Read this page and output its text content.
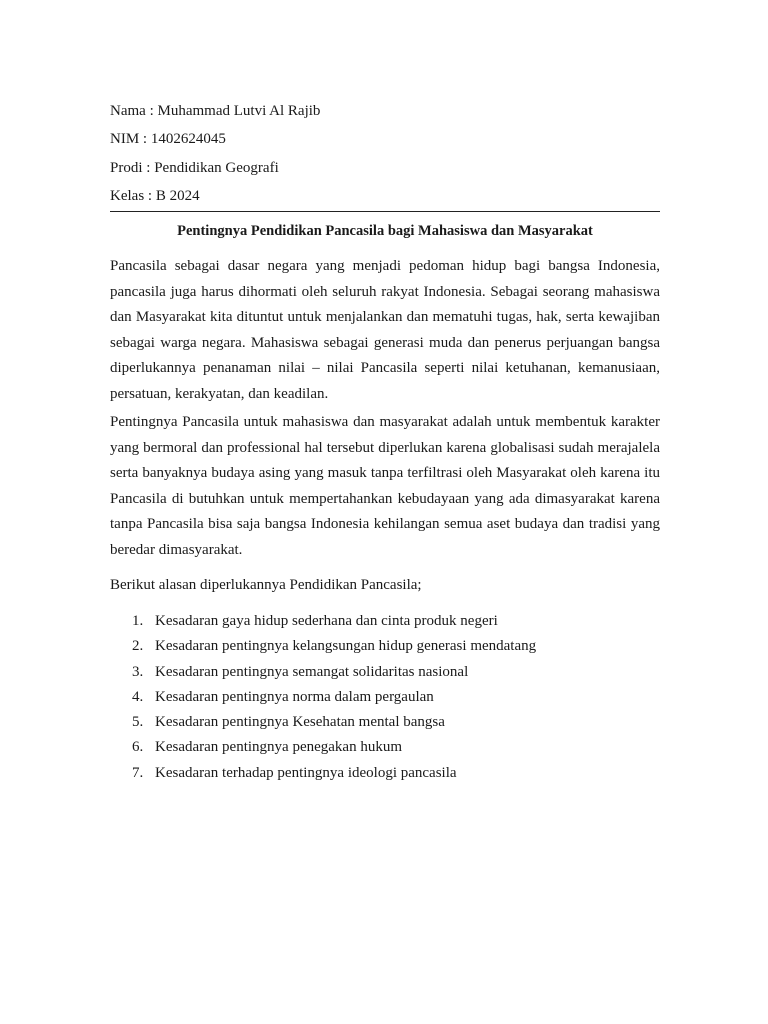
Nama : Muhammad Lutvi Al Rajib
NIM : 1402624045
Prodi : Pendidikan Geografi
Kelas : B 2024
Pentingnya Pendidikan Pancasila bagi Mahasiswa dan Masyarakat

Pancasila sebagai dasar negara yang menjadi pedoman hidup bagi bangsa Indonesia, pancasila juga harus dihormati oleh seluruh rakyat Indonesia. Sebagai seorang mahasiswa dan Masyarakat kita dituntut untuk menjalankan dan mematuhi tugas, hak, serta kewajiban sebagai warga negara. Mahasiswa sebagai generasi muda dan penerus perjuangan bangsa diperlukannya penanaman nilai – nilai Pancasila seperti nilai ketuhanan, kemanusiaan, persatuan, kerakyatan, dan keadilan.

Pentingnya Pancasila untuk mahasiswa dan masyarakat adalah untuk membentuk karakter yang bermoral dan professional hal tersebut diperlukan karena globalisasi sudah merajalela serta banyaknya budaya asing yang masuk tanpa terfiltrasi oleh Masyarakat oleh karena itu Pancasila di butuhkan untuk mempertahankan kebudayaan yang ada dimasyarakat karena tanpa Pancasila bisa saja bangsa Indonesia kehilangan semua aset budaya dan tradisi yang beredar dimasyarakat.

Berikut alasan diperlukannya Pendidikan Pancasila;

1. Kesadaran gaya hidup sederhana dan cinta produk negeri
2. Kesadaran pentingnya kelangsungan hidup generasi mendatang
3. Kesadaran pentingnya semangat solidaritas nasional
4. Kesadaran pentingnya norma dalam pergaulan
5. Kesadaran pentingnya Kesehatan mental bangsa
6. Kesadaran pentingnya penegakan hukum
7. Kesadaran terhadap pentingnya ideologi pancasila
